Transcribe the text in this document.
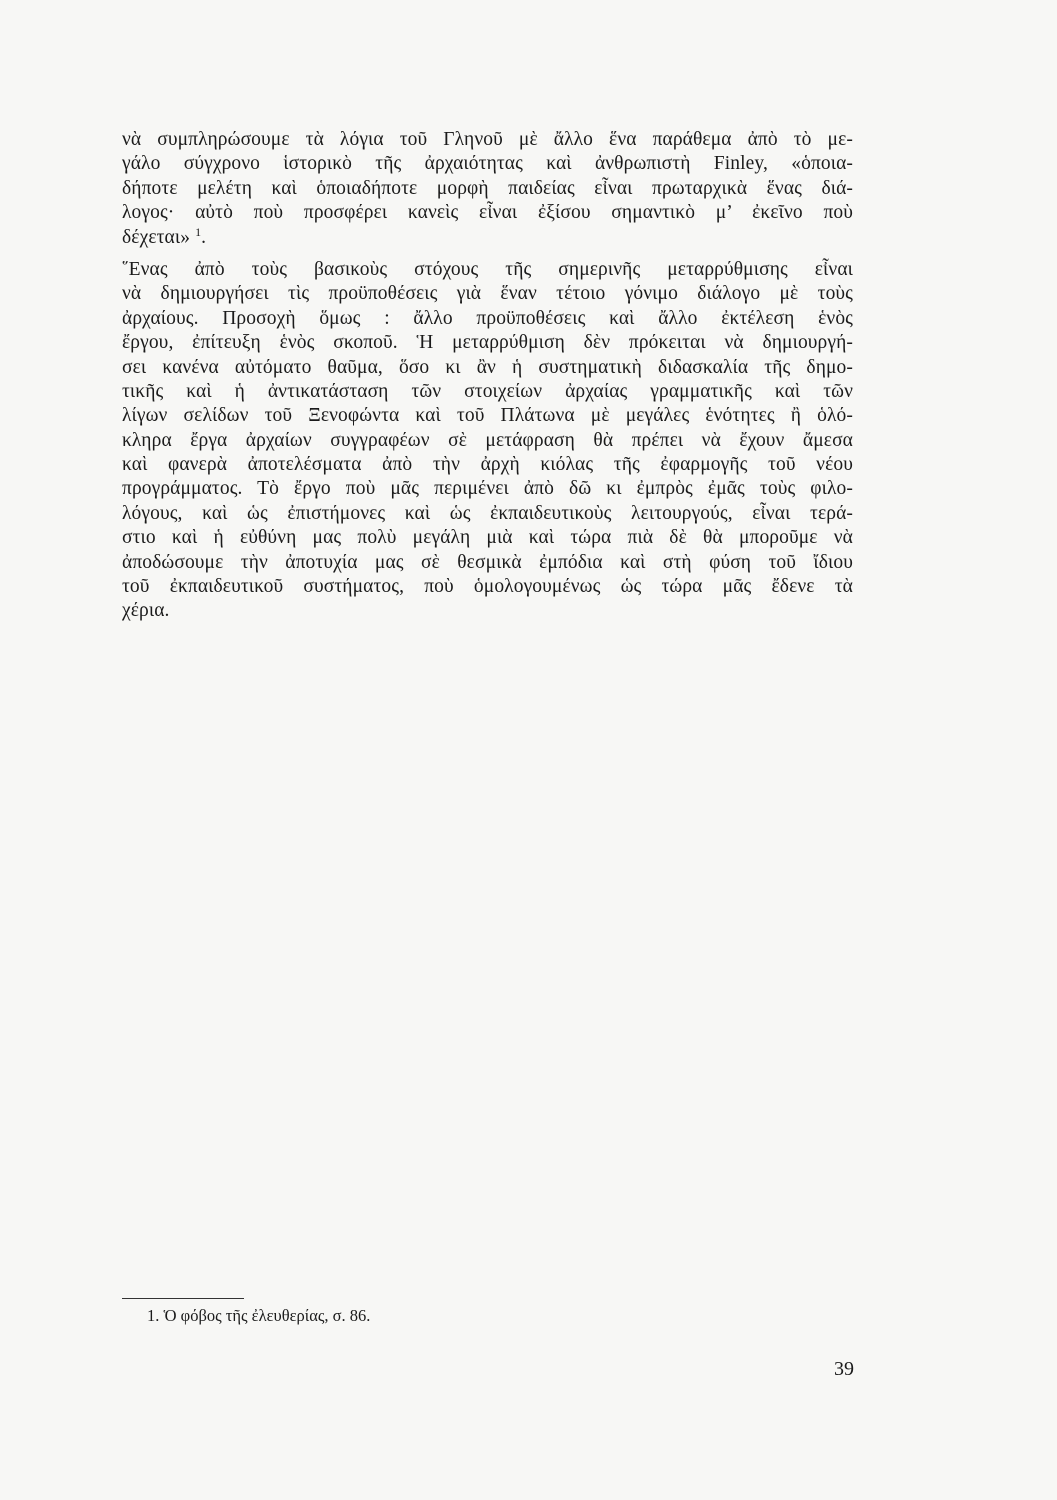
νὰ συμπληρώσουμε τὰ λόγια τοῦ Γληνοῦ μὲ ἄλλο ἕνα παράθεμα ἀπὸ τὸ με-
γάλο σύγχρονο ἱστορικὸ τῆς ἀρχαιότητας καὶ ἀνθρωπιστὴ Finley, «ὁποια-
δήποτε μελέτη καὶ ὁποιαδήποτε μορφὴ παιδείας εἶναι πρωταρχικὰ ἕνας διά-
λογος· αὐτὸ ποὺ προσφέρει κανεὶς εἶναι ἐξίσου σημαντικὸ μ’ ἐκεῖνο ποὺ
δέχεται» $^1$.
῞Ενας ἀπὸ τοὺς βασικοὺς στόχους τῆς σημερινῆς μεταρρύθμισης εἶναι
νὰ δημιουργήσει τὶς προϋποθέσεις γιὰ ἕναν τέτοιο γόνιμο διάλογο μὲ τοὺς
ἀρχαίους. Προσοχὴ ὅμως : ἄλλο προϋποθέσεις καὶ ἄλλο ἐκτέλεση ἑνὸς
ἔργου, ἐπίτευξη ἑνὸς σκοποῦ. Ἡ μεταρρύθμιση δὲν πρόκειται νὰ δημιουργή-
σει κανένα αὐτόματο θαῦμα, ὅσο κι ἂν ἡ συστηματικὴ διδασκαλία τῆς δημο-
τικῆς καὶ ἡ ἀντικατάσταση τῶν στοιχείων ἀρχαίας γραμματικῆς καὶ τῶν
λίγων σελίδων τοῦ Ξενοφώντα καὶ τοῦ Πλάτωνα μὲ μεγάλες ἑνότητες ἢ ὁλό-
κληρα ἔργα ἀρχαίων συγγραφέων σὲ μετάφραση θὰ πρέπει νὰ ἔχουν ἄμεσα
καὶ φανερὰ ἀποτελέσματα ἀπὸ τὴν ἀρχὴ κιόλας τῆς ἐφαρμογῆς τοῦ νέου
προγράμματος. Τὸ ἔργο ποὺ μᾶς περιμένει ἀπὸ δῶ κι ἐμπρὸς ἐμᾶς τοὺς φιλο-
λόγους, καὶ ὡς ἐπιστήμονες καὶ ὡς ἐκπαιδευτικοὺς λειτουργούς, εἶναι τερά-
στιο καὶ ἡ εὐθύνη μας πολὺ μεγάλη μιὰ καὶ τώρα πιὰ δὲ θὰ μποροῦμε νὰ
ἀποδώσουμε τὴν ἀποτυχία μας σὲ θεσμικὰ ἐμπόδια καὶ στὴ φύση τοῦ ἴδιου
τοῦ ἐκπαιδευτικοῦ συστήματος, ποὺ ὁμολογουμένως ὡς τώρα μᾶς ἔδενε τὰ
χέρια.
1. Ὁ φόβος τῆς ἐλευθερίας, σ. 86.
39
